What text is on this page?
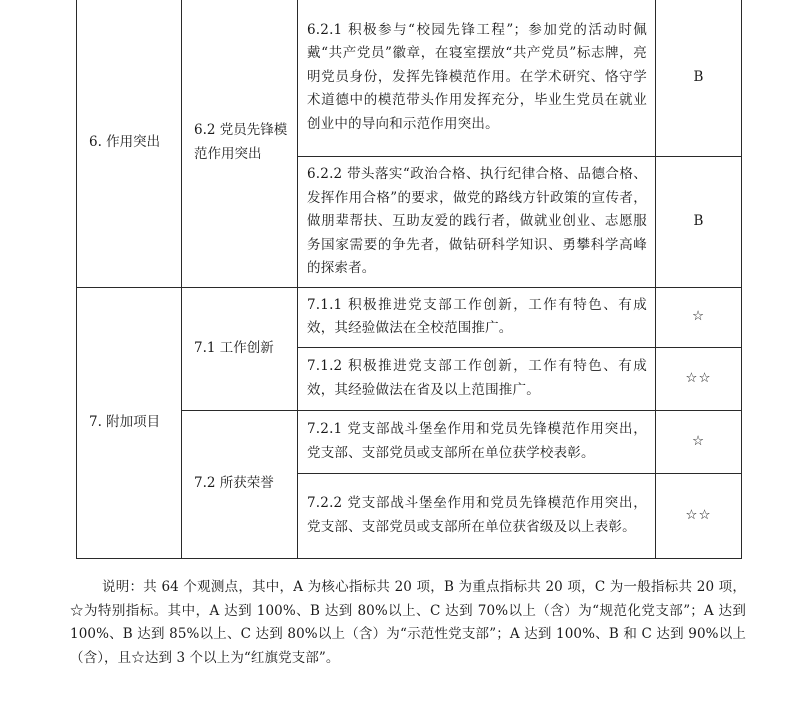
6. 作用突出	6.2 党员先锋模范作用突出	6.2.1 积极参与“校园先锋工程”；参加党的活动时佩戴“共产党员”徽章，在寝室摆放“共产党员”标志牌，亮明党员身份，发挥先锋模范作用。在学术研究、恪守学术道德中的模范带头作用发挥充分，毕业生党员在就业创业中的导向和示范作用突出。	B
		6.2.2 带头落实“政治合格、执行纪律合格、品德合格、发挥作用合格”的要求，做党的路线方针政策的宣传者，做朋辈帮扶、互助友爱的践行者，做就业创业、志愿服务国家需要的争先者，做钻研科学知识、勇攀科学高峰的探索者。	B
7. 附加项目	7.1 工作创新	7.1.1 积极推进党支部工作创新，工作有特色、有成效，其经验做法在全校范围推广。	☆
		7.1.2 积极推进党支部工作创新，工作有特色、有成效，其经验做法在省及以上范围推广。	☆☆
	7.2 所获荣誉	7.2.1 党支部战斗堡垒作用和党员先锋模范作用突出，党支部、支部党员或支部所在单位获学校表彰。	☆
		7.2.2 党支部战斗堡垒作用和党员先锋模范作用突出，党支部、支部党员或支部所在单位获省级及以上表彰。	☆☆

说明：共 64 个观测点，其中，A 为核心指标共 20 项，B 为重点指标共 20 项，C 为一般指标共 20 项，☆为特别指标。其中，A 达到 100%、B 达到 80%以上、C 达到 70%以上（含）为“规范化党支部”；A 达到 100%、B 达到 85%以上、C 达到 80%以上（含）为“示范性党支部”；A 达到 100%、B 和 C 达到 90%以上（含），且☆达到 3 个以上为“红旗党支部”。
